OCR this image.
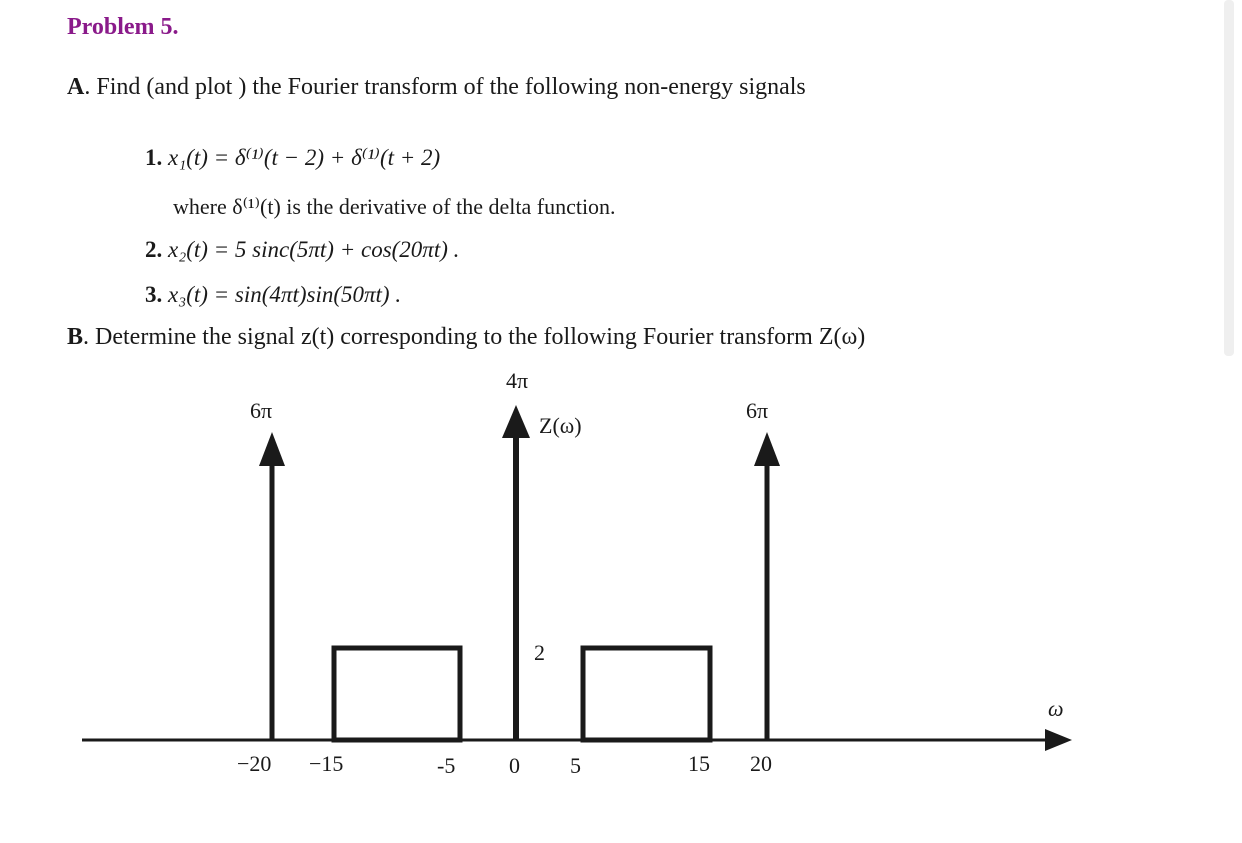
Problem 5.
A. Find (and plot ) the Fourier transform of the following non-energy signals
1. x₁(t) = δ⁽¹⁾(t − 2) + δ⁽¹⁾(t + 2)
where δ⁽¹⁾(t) is the derivative of the delta function.
2. x₂(t) = 5 sinc(5πt) + cos(20πt) .
3. x₃(t) = sin(4πt)sin(50πt) .
B. Determine the signal z(t) corresponding to the following Fourier transform Z(ω)
ω
6π
4π
Z(ω)
6π
2
−20 −15	-5 0 5	15 20
